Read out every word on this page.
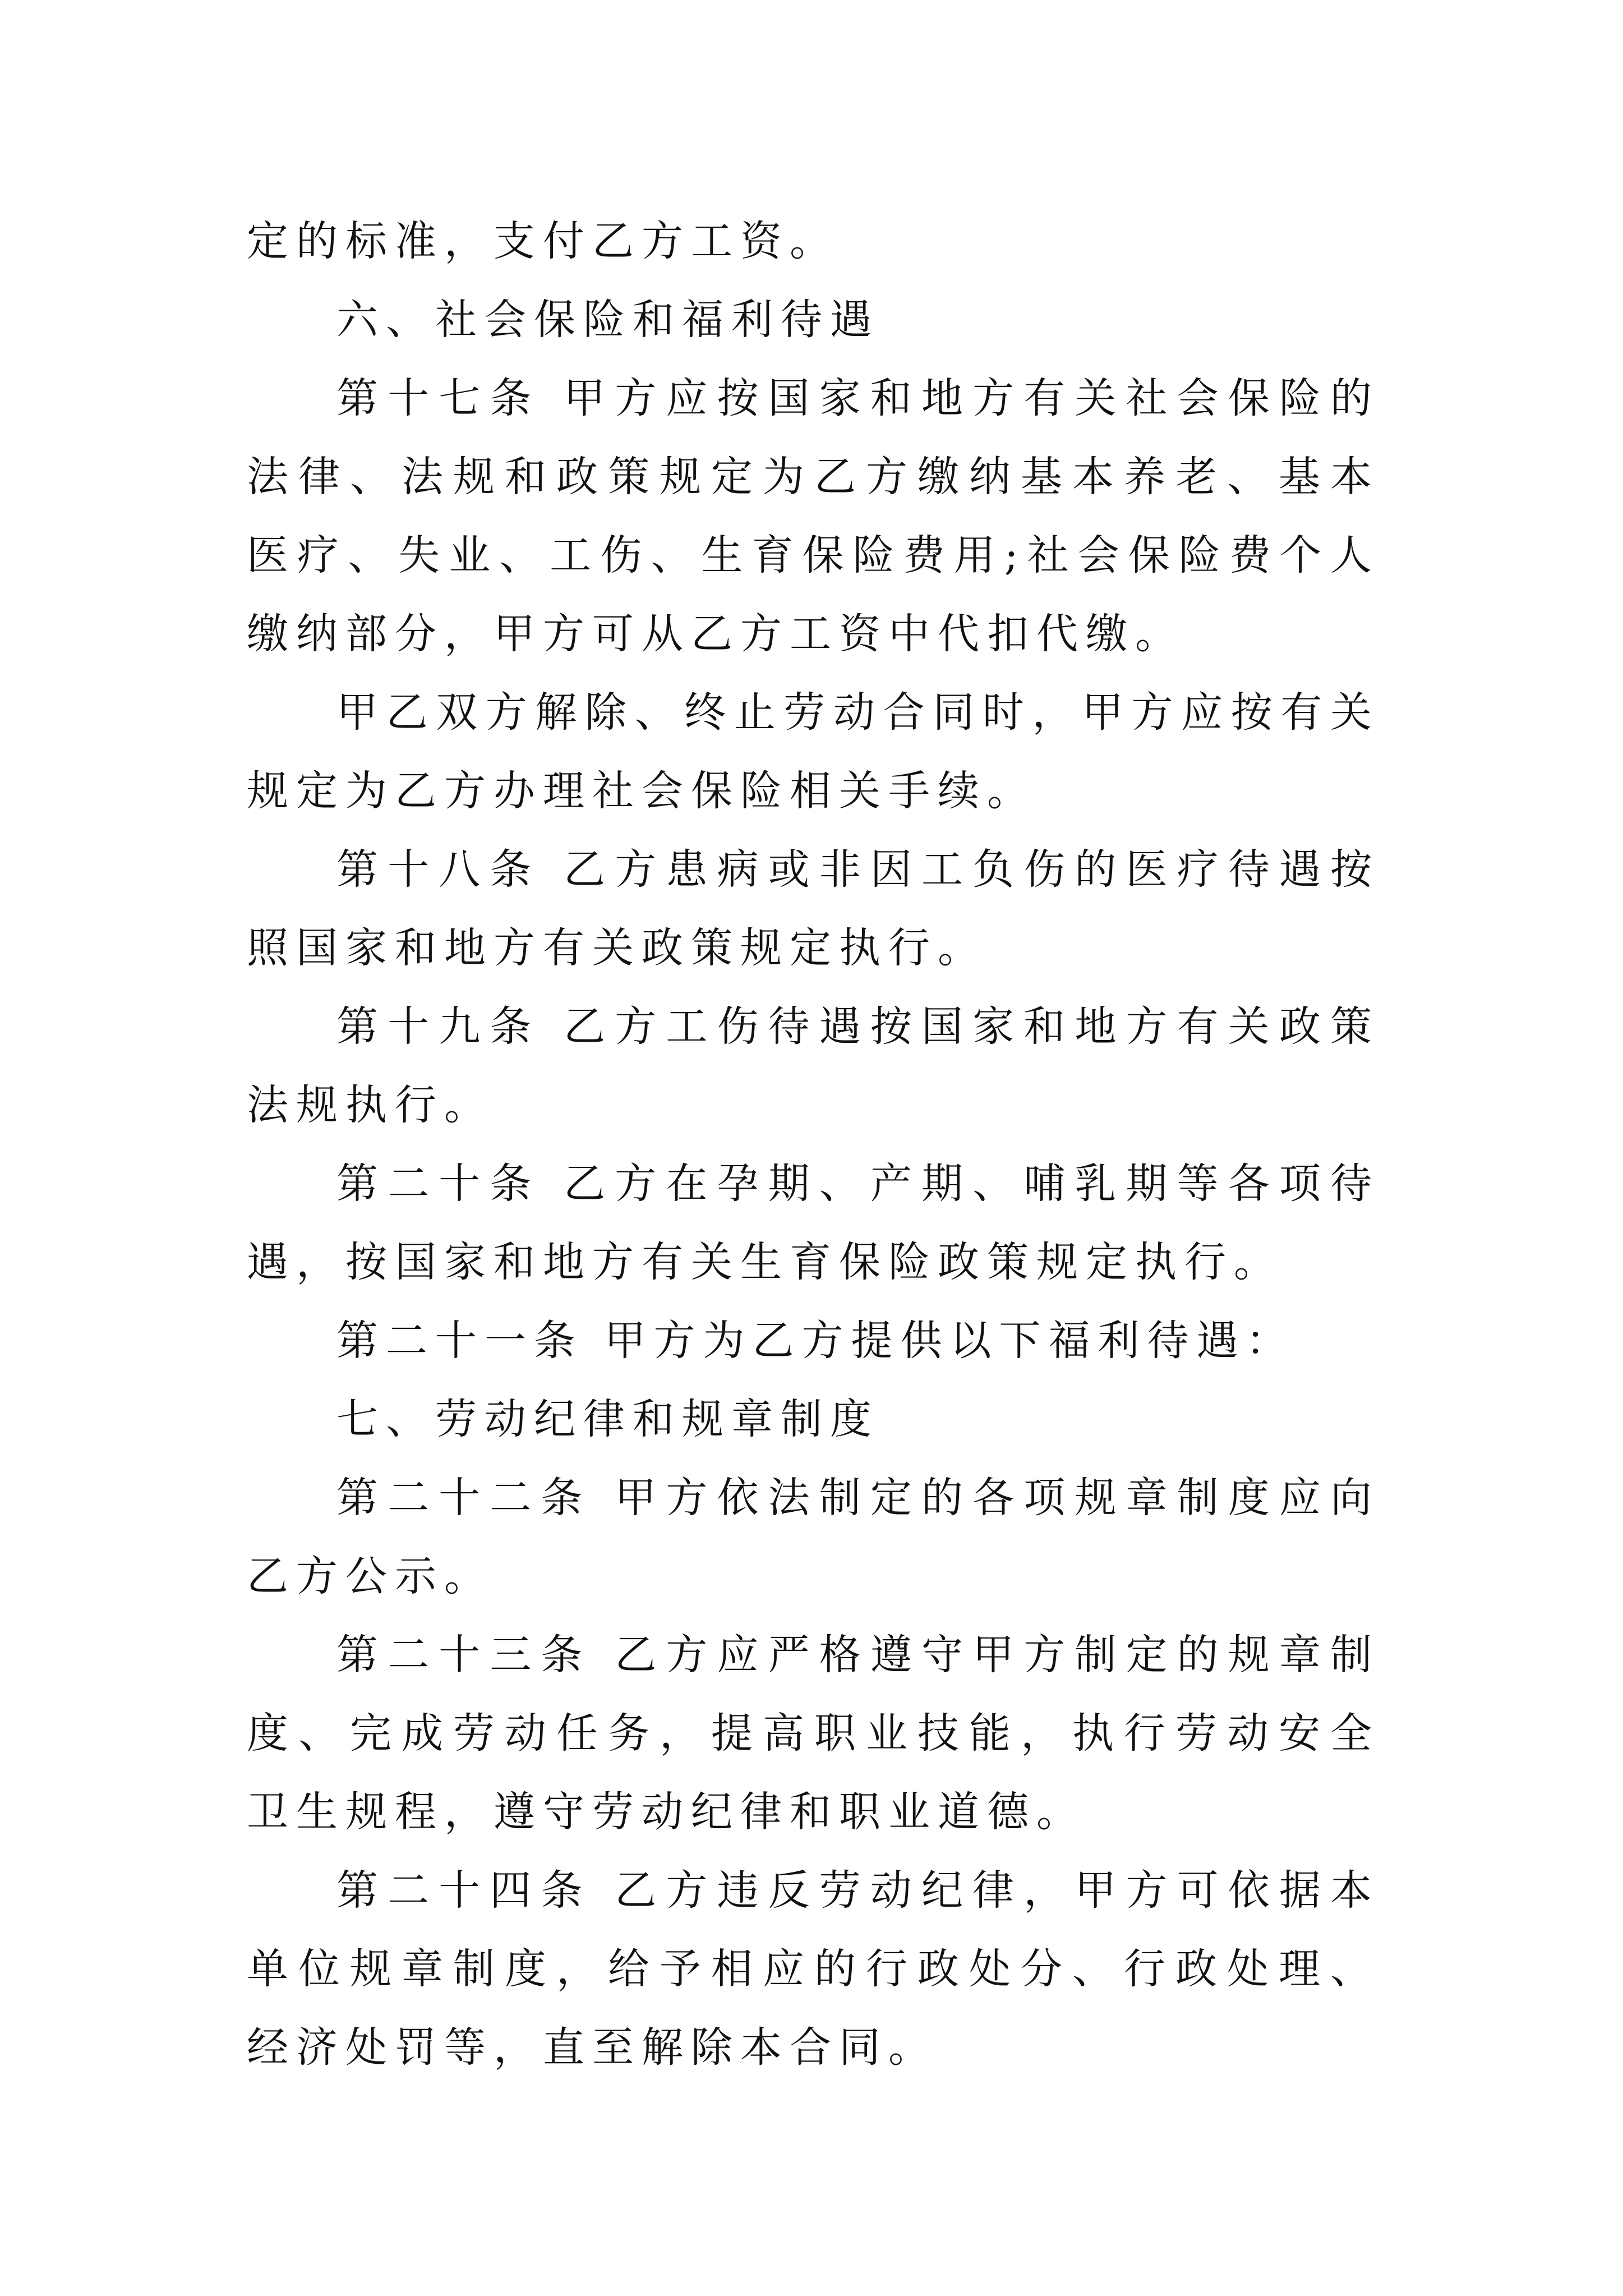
定的标准，支付乙方工资。

六、社会保险和福利待遇

第十七条 甲方应按国家和地方有关社会保险的法律、法规和政策规定为乙方缴纳基本养老、基本医疗、失业、工伤、生育保险费用;社会保险费个人缴纳部分，甲方可从乙方工资中代扣代缴。

甲乙双方解除、终止劳动合同时，甲方应按有关规定为乙方办理社会保险相关手续。

第十八条 乙方患病或非因工负伤的医疗待遇按照国家和地方有关政策规定执行。

第十九条 乙方工伤待遇按国家和地方有关政策法规执行。

第二十条 乙方在孕期、产期、哺乳期等各项待遇，按国家和地方有关生育保险政策规定执行。

第二十一条 甲方为乙方提供以下福利待遇：

七、劳动纪律和规章制度

第二十二条 甲方依法制定的各项规章制度应向乙方公示。

第二十三条 乙方应严格遵守甲方制定的规章制度、完成劳动任务，提高职业技能，执行劳动安全卫生规程，遵守劳动纪律和职业道德。

第二十四条 乙方违反劳动纪律，甲方可依据本单位规章制度，给予相应的行政处分、行政处理、经济处罚等，直至解除本合同。
